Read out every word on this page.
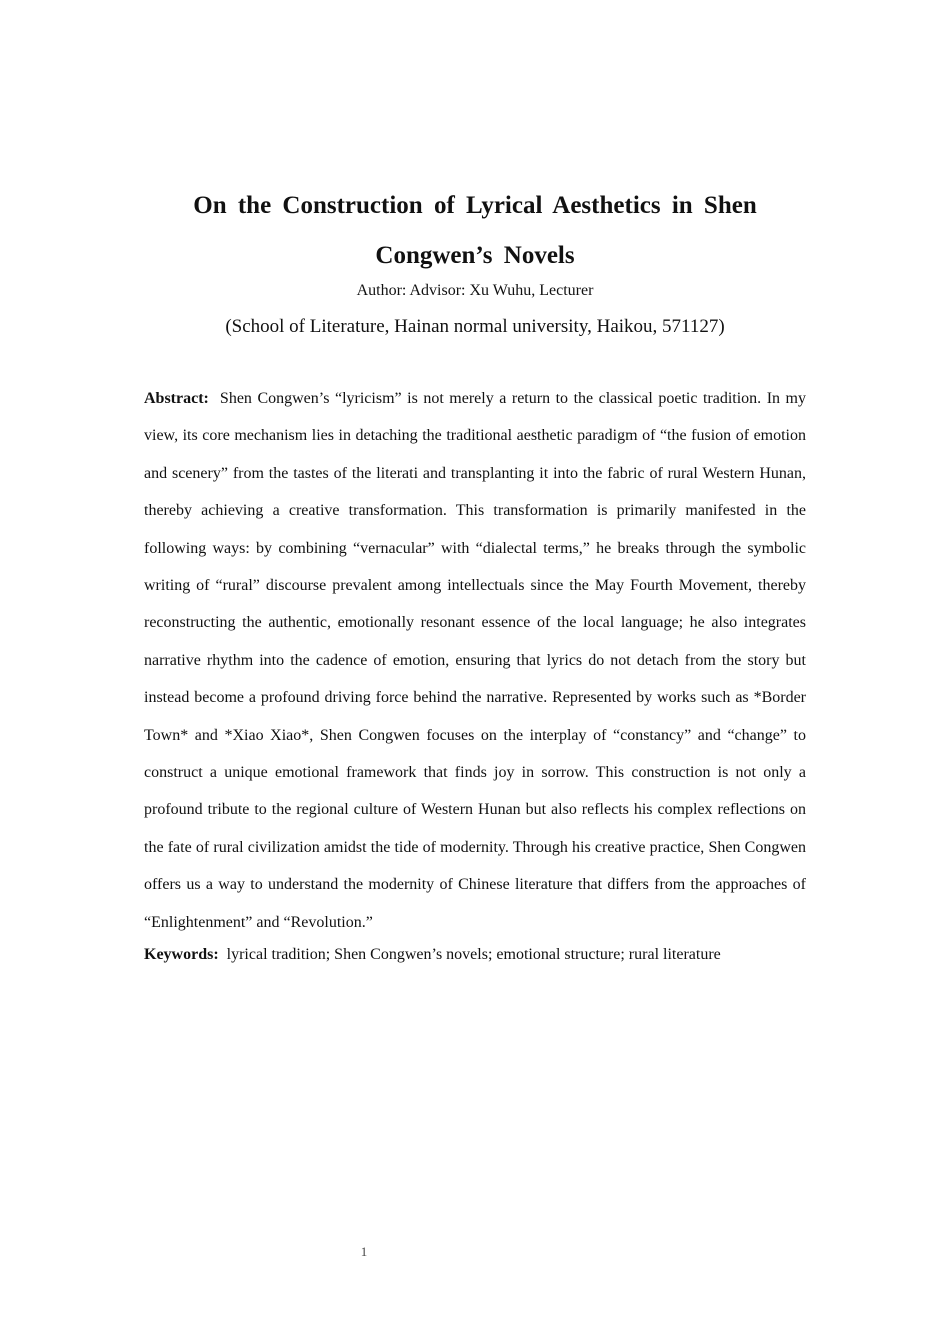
On the Construction of Lyrical Aesthetics in Shen
Congwen’s Novels
Author: Advisor: Xu Wuhu, Lecturer
(School of Literature, Hainan normal university, Haikou, 571127)

Abstract: Shen Congwen’s “lyricism” is not merely a return to the classical poetic tradition. In my view, its core mechanism lies in detaching the traditional aesthetic paradigm of “the fusion of emotion and scenery” from the tastes of the literati and transplanting it into the fabric of rural Western Hunan, thereby achieving a creative transformation. This transformation is primarily manifested in the following ways: by combining “vernacular” with “dialectal terms,” he breaks through the symbolic writing of “rural” discourse prevalent among intellectuals since the May Fourth Movement, thereby reconstructing the authentic, emotionally resonant essence of the local language; he also integrates narrative rhythm into the cadence of emotion, ensuring that lyrics do not detach from the story but instead become a profound driving force behind the narrative. Represented by works such as *Border Town* and *Xiao Xiao*, Shen Congwen focuses on the interplay of “constancy” and “change” to construct a unique emotional framework that finds joy in sorrow. This construction is not only a profound tribute to the regional culture of Western Hunan but also reflects his complex reflections on the fate of rural civilization amidst the tide of modernity. Through his creative practice, Shen Congwen offers us a way to understand the modernity of Chinese literature that differs from the approaches of “Enlightenment” and “Revolution.”

Keywords: lyrical tradition; Shen Congwen’s novels; emotional structure; rural literature

1
